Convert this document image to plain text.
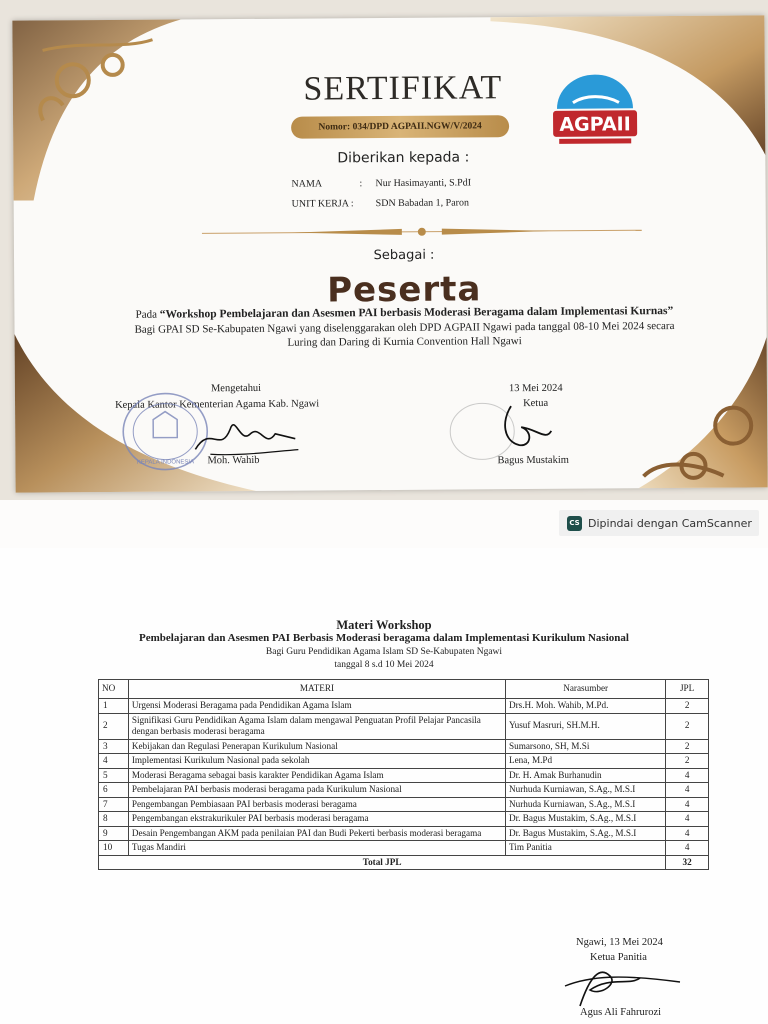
SERTIFIKAT
Nomor: 034/DPD AGPAII.NGW/V/2024	AGPAII
Diberikan kepada :
NAMA	: Nur Hasimayanti, S.PdI
UNIT KERJA : SDN Babadan 1, Paron
Sebagai :
Peserta
Pada “Workshop Pembelajaran dan Asesmen PAI berbasis Moderasi Beragama dalam Implementasi Kurnas” Bagi GPAI SD Se-Kabupaten Ngawi yang diselenggarakan oleh DPD AGPAII Ngawi pada tanggal 08-10 Mei 2024 secara Luring dan Daring di Kurnia Convention Hall Ngawi
Mengetahui
Kepala Kantor Kementerian Agama Kab. Ngawi
KEPALA INDONESIA Moh. Wahib
13 Mei 2024
Ketua
Bagus Mustakim
CS Dipindai dengan CamScanner
Materi Workshop
Pembelajaran dan Asesmen PAI Berbasis Moderasi beragama dalam Implementasi Kurikulum Nasional
Bagi Guru Pendidikan Agama Islam SD Se-Kabupaten Ngawi
tanggal 8 s.d 10 Mei 2024
NO	MATERI	Narasumber	JPL
1	Urgensi Moderasi Beragama pada Pendidikan Agama Islam	Drs.H. Moh. Wahib, M.Pd.	2
2	Signifikasi Guru Pendidikan Agama Islam dalam mengawal Penguatan Profil Pelajar Pancasila dengan berbasis moderasi beragama	Yusuf Masruri, SH.M.H.	2
3	Kebijakan dan Regulasi Penerapan Kurikulum Nasional	Sumarsono, SH, M.Si	2
4	Implementasi Kurikulum Nasional pada sekolah	Lena, M.Pd	2
5	Moderasi Beragama sebagai basis karakter Pendidikan Agama Islam	Dr. H. Amak Burhanudin	4
6	Pembelajaran PAI berbasis moderasi beragama pada Kurikulum Nasional	Nurhuda Kurniawan, S.Ag., M.S.I	4
7	Pengembangan Pembiasaan PAI berbasis moderasi beragama	Nurhuda Kurniawan, S.Ag., M.S.I	4
8	Pengembangan ekstrakurikuler PAI berbasis moderasi beragama	Dr. Bagus Mustakim, S.Ag., M.S.I	4
9	Desain Pengembangan AKM pada penilaian PAI dan Budi Pekerti berbasis moderasi beragama	Dr. Bagus Mustakim, S.Ag., M.S.I	4
10	Tugas Mandiri	Tim Panitia	4
Total JPL			32
Ngawi, 13 Mei 2024
Ketua Panitia
Agus Ali Fahrurozi
